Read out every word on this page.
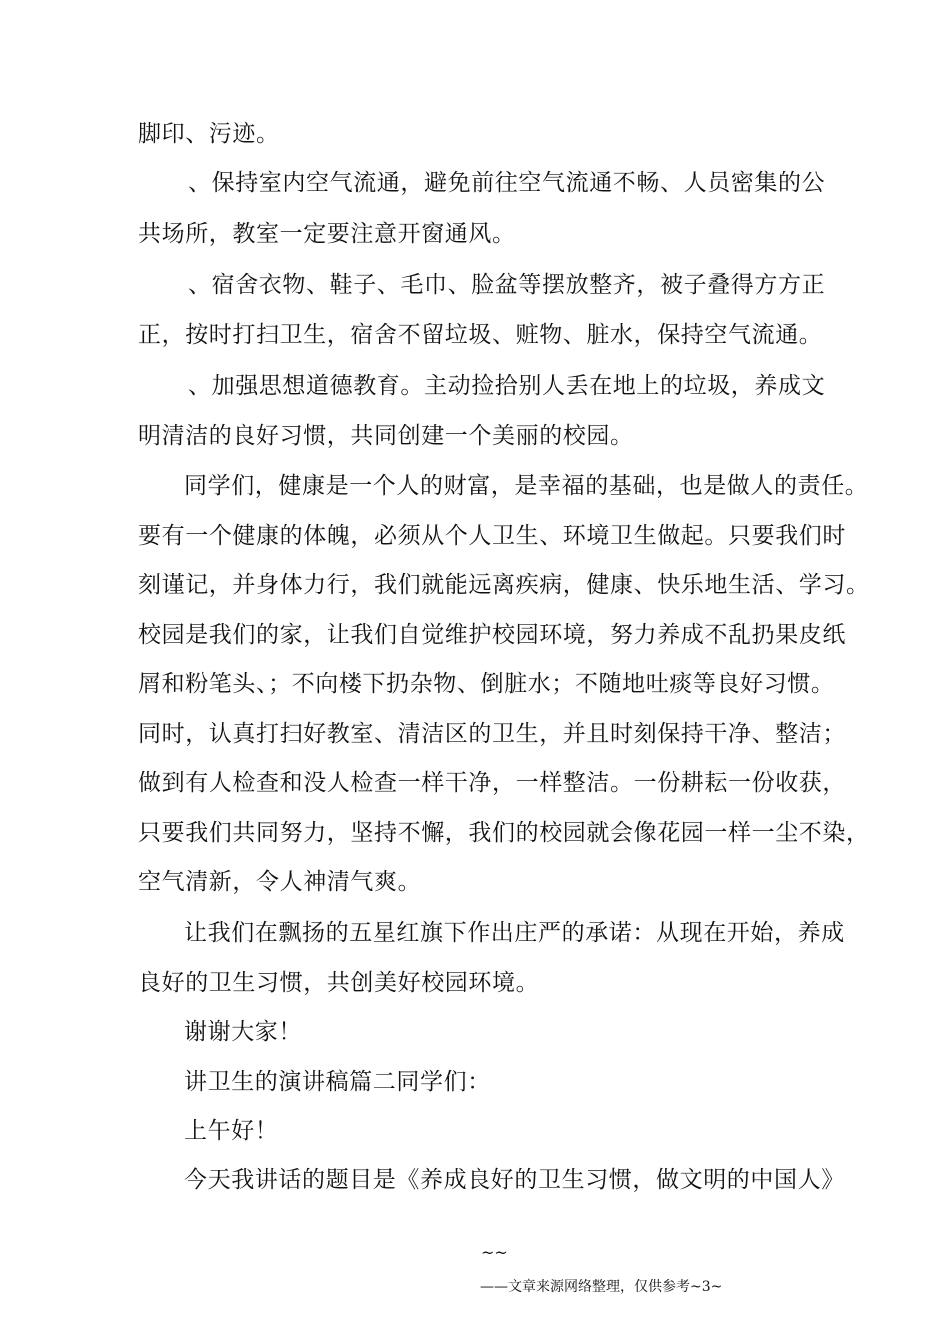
脚印、污迹。
、保持室内空气流通，避免前往空气流通不畅、人员密集的公
共场所，教室一定要注意开窗通风。
、宿舍衣物、鞋子、毛巾、脸盆等摆放整齐，被子叠得方方正
正，按时打扫卫生，宿舍不留垃圾、赃物、脏水，保持空气流通。
、加强思想道德教育。主动捡拾别人丢在地上的垃圾，养成文
明清洁的良好习惯，共同创建一个美丽的校园。
同学们，健康是一个人的财富，是幸福的基础，也是做人的责任。
要有一个健康的体魄，必须从个人卫生、环境卫生做起。只要我们时
刻谨记，并身体力行，我们就能远离疾病，健康、快乐地生活、学习。
校园是我们的家，让我们自觉维护校园环境，努力养成不乱扔果皮纸
屑和粉笔头、；不向楼下扔杂物、倒脏水；不随地吐痰等良好习惯。
同时，认真打扫好教室、清洁区的卫生，并且时刻保持干净、整洁；
做到有人检查和没人检查一样干净，一样整洁。一份耕耘一份收获，
只要我们共同努力，坚持不懈，我们的校园就会像花园一样一尘不染，
空气清新，令人神清气爽。
让我们在飘扬的五星红旗下作出庄严的承诺：从现在开始，养成
良好的卫生习惯，共创美好校园环境。
谢谢大家！
讲卫生的演讲稿篇二同学们：
上午好！
今天我讲话的题目是《养成良好的卫生习惯，做文明的中国人》
~~
——文章来源网络整理，仅供参考~3~
